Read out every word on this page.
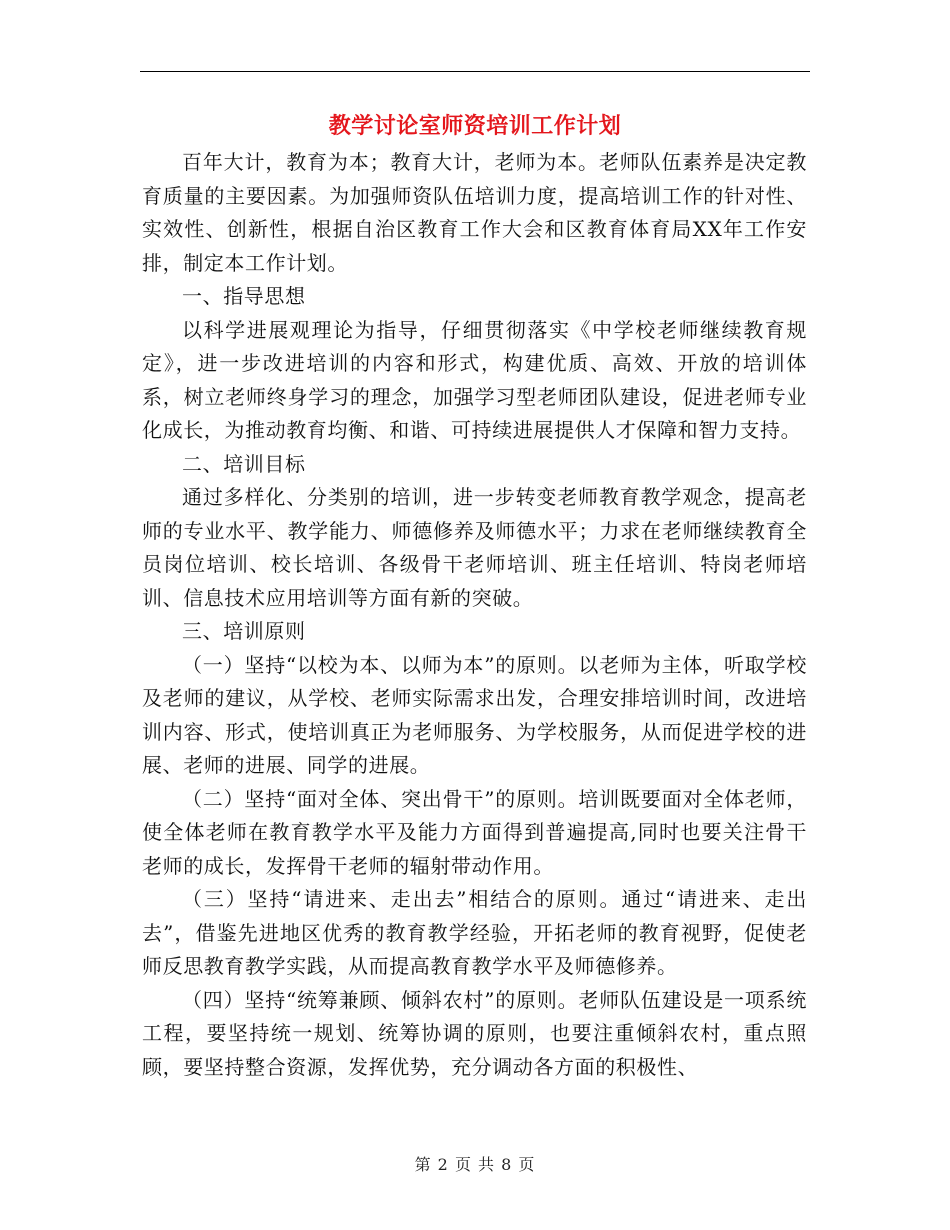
教学讨论室师资培训工作计划

百年大计，教育为本；教育大计，老师为本。老师队伍素养是决定教育质量的主要因素。为加强师资队伍培训力度，提高培训工作的针对性、实效性、创新性，根据自治区教育工作大会和区教育体育局XX年工作安排，制定本工作计划。

一、指导思想

以科学进展观理论为指导，仔细贯彻落实《中学校老师继续教育规定》，进一步改进培训的内容和形式，构建优质、高效、开放的培训体系，树立老师终身学习的理念，加强学习型老师团队建设，促进老师专业化成长，为推动教育均衡、和谐、可持续进展提供人才保障和智力支持。

二、培训目标

通过多样化、分类别的培训，进一步转变老师教育教学观念，提高老师的专业水平、教学能力、师德修养及师德水平；力求在老师继续教育全员岗位培训、校长培训、各级骨干老师培训、班主任培训、特岗老师培训、信息技术应用培训等方面有新的突破。

三、培训原则

（一）坚持“以校为本、以师为本”的原则。以老师为主体，听取学校及老师的建议，从学校、老师实际需求出发，合理安排培训时间，改进培训内容、形式，使培训真正为老师服务、为学校服务，从而促进学校的进展、老师的进展、同学的进展。

（二）坚持“面对全体、突出骨干”的原则。培训既要面对全体老师，使全体老师在教育教学水平及能力方面得到普遍提高,同时也要关注骨干老师的成长，发挥骨干老师的辐射带动作用。

（三）坚持“请进来、走出去”相结合的原则。通过“请进来、走出去”，借鉴先进地区优秀的教育教学经验，开拓老师的教育视野，促使老师反思教育教学实践，从而提高教育教学水平及师德修养。

（四）坚持“统筹兼顾、倾斜农村”的原则。老师队伍建设是一项系统工程，要坚持统一规划、统筹协调的原则，也要注重倾斜农村，重点照顾，要坚持整合资源，发挥优势，充分调动各方面的积极性、

第 2 页 共 8 页
